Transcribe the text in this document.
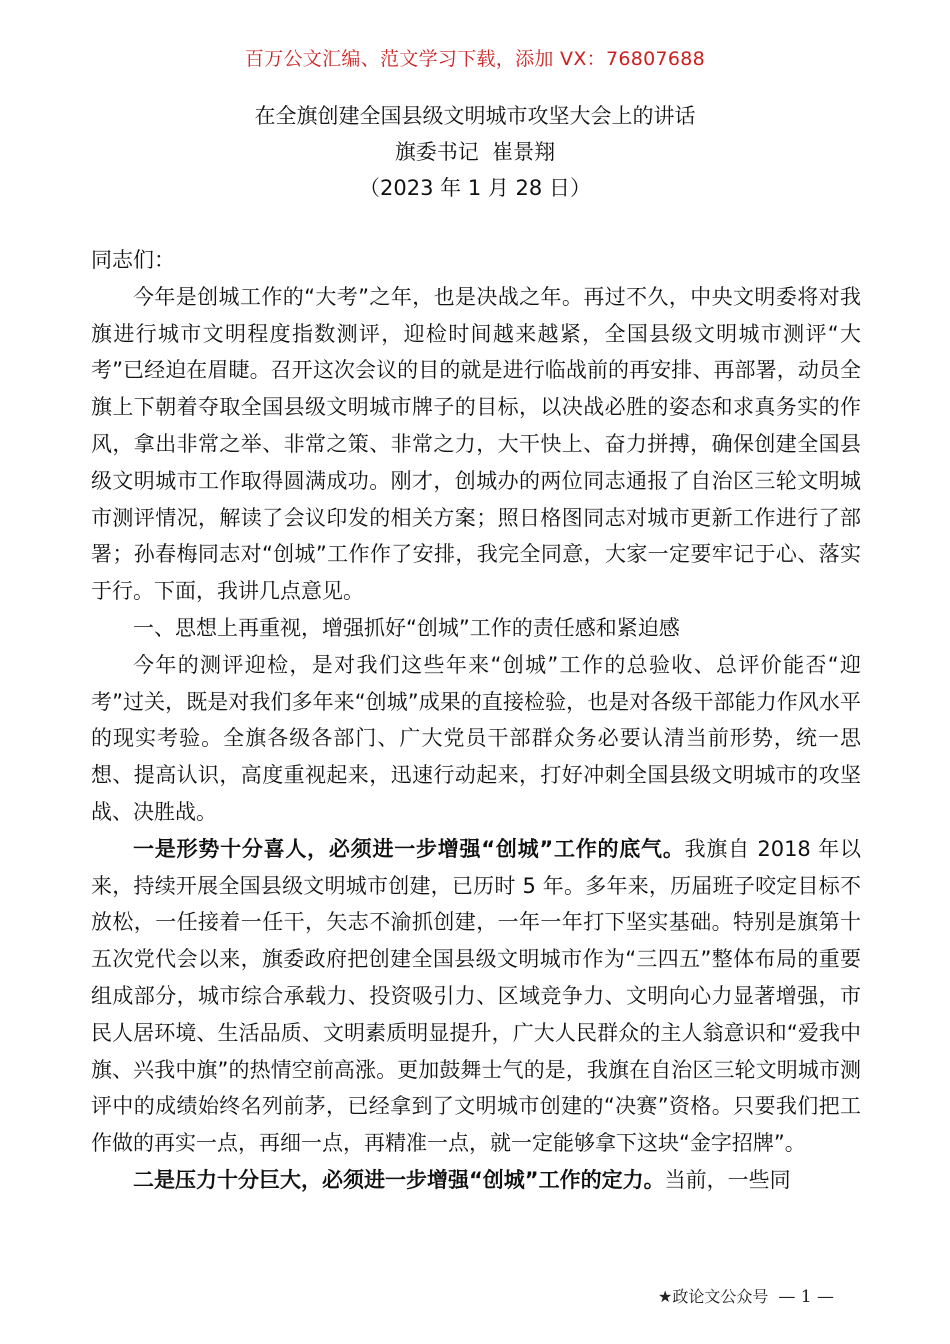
百万公文汇编、范文学习下载，添加 VX：76807688
在全旗创建全国县级文明城市攻坚大会上的讲话
旗委书记  崔景翔
（2023 年 1 月 28 日）

同志们：

今年是创城工作的“大考”之年，也是决战之年。再过不久，中央文明委将对我旗进行城市文明程度指数测评，迎检时间越来越紧，全国县级文明城市测评“大考”已经迫在眉睫。召开这次会议的目的就是进行临战前的再安排、再部署，动员全旗上下朝着夺取全国县级文明城市牌子的目标，以决战必胜的姿态和求真务实的作风，拿出非常之举、非常之策、非常之力，大干快上、奋力拼搏，确保创建全国县级文明城市工作取得圆满成功。刚才，创城办的两位同志通报了自治区三轮文明城市测评情况，解读了会议印发的相关方案；照日格图同志对城市更新工作进行了部署；孙春梅同志对“创城”工作作了安排，我完全同意，大家一定要牢记于心、落实于行。下面，我讲几点意见。

一、思想上再重视，增强抓好“创城”工作的责任感和紧迫感

今年的测评迎检，是对我们这些年来“创城”工作的总验收、总评价能否“迎考”过关，既是对我们多年来“创城”成果的直接检验，也是对各级干部能力作风水平的现实考验。全旗各级各部门、广大党员干部群众务必要认清当前形势，统一思想、提高认识，高度重视起来，迅速行动起来，打好冲刺全国县级文明城市的攻坚战、决胜战。

一是形势十分喜人，必须进一步增强“创城”工作的底气。我旗自 2018 年以来，持续开展全国县级文明城市创建，已历时 5 年。多年来，历届班子咬定目标不放松，一任接着一任干，矢志不渝抓创建，一年一年打下坚实基础。特别是旗第十五次党代会以来，旗委政府把创建全国县级文明城市作为“三四五”整体布局的重要组成部分，城市综合承载力、投资吸引力、区域竞争力、文明向心力显著增强，市民人居环境、生活品质、文明素质明显提升，广大人民群众的主人翁意识和“爱我中旗、兴我中旗”的热情空前高涨。更加鼓舞士气的是，我旗在自治区三轮文明城市测评中的成绩始终名列前茅，已经拿到了文明城市创建的“决赛”资格。只要我们把工作做的再实一点，再细一点，再精准一点，就一定能够拿下这块“金字招牌”。

二是压力十分巨大，必须进一步增强“创城”工作的定力。当前，一些同

★政论文公众号 — 1 —
